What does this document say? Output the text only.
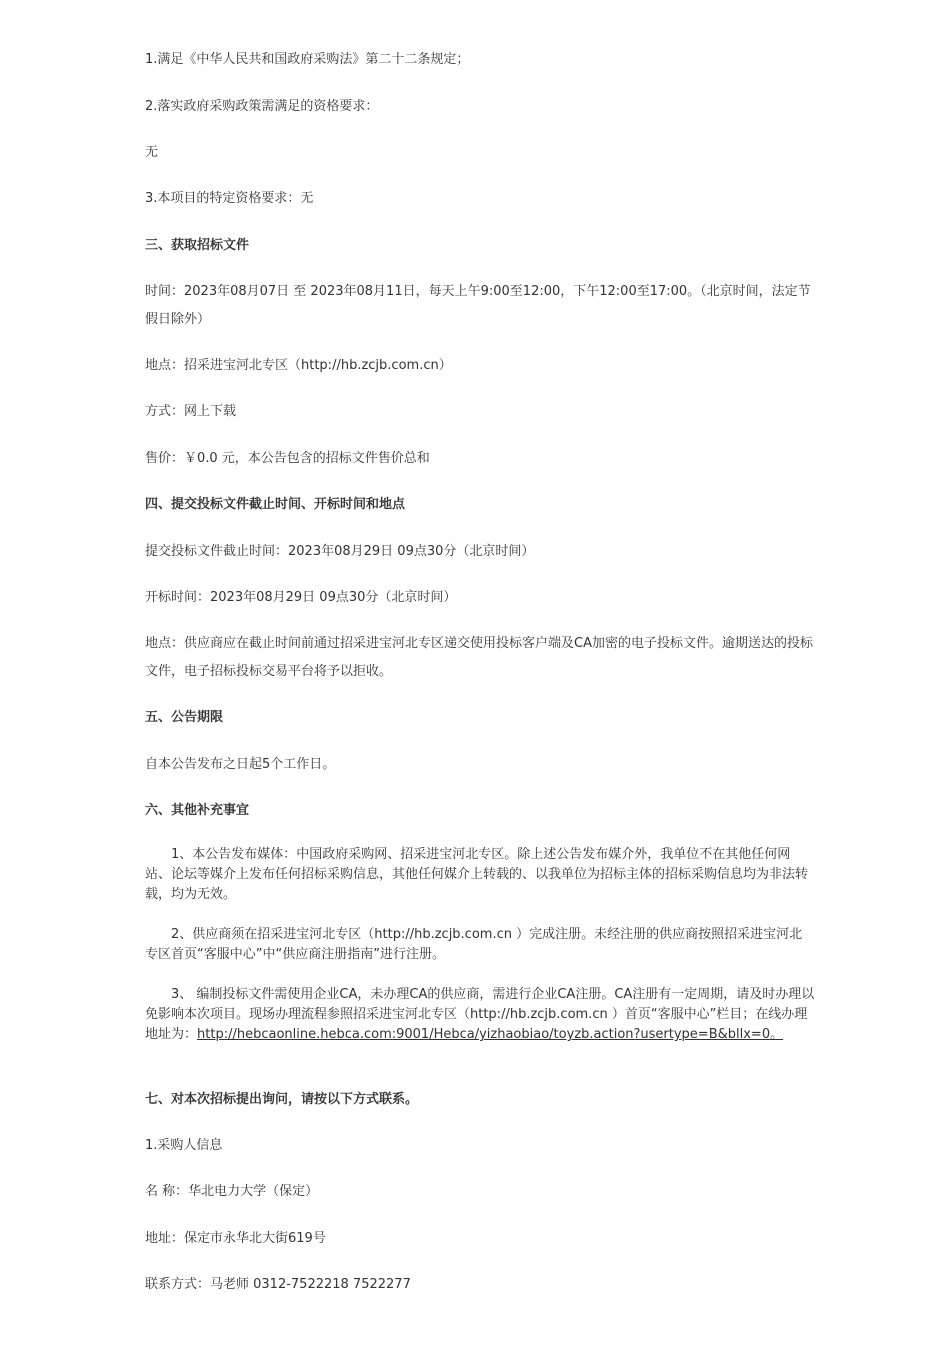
1.满足《中华人民共和国政府采购法》第二十二条规定；
2.落实政府采购政策需满足的资格要求：
无
3.本项目的特定资格要求：无
三、获取招标文件
时间：2023年08月07日 至 2023年08月11日，每天上午9:00至12:00，下午12:00至17:00。（北京时间，法定节假日除外）
地点：招采进宝河北专区（http://hb.zcjb.com.cn）
方式：网上下载
售价：￥0.0 元，本公告包含的招标文件售价总和
四、提交投标文件截止时间、开标时间和地点
提交投标文件截止时间：2023年08月29日 09点30分（北京时间）
开标时间：2023年08月29日 09点30分（北京时间）
地点：供应商应在截止时间前通过招采进宝河北专区递交使用投标客户端及CA加密的电子投标文件。逾期送达的投标文件，电子招标投标交易平台将予以拒收。
五、公告期限
自本公告发布之日起5个工作日。
六、其他补充事宜
1、本公告发布媒体：中国政府采购网、招采进宝河北专区。除上述公告发布媒介外，我单位不在其他任何网站、论坛等媒介上发布任何招标采购信息，其他任何媒介上转载的、以我单位为招标主体的招标采购信息均为非法转载，均为无效。
2、供应商须在招采进宝河北专区（http://hb.zcjb.com.cn ）完成注册。未经注册的供应商按照招采进宝河北专区首页“客服中心”中“供应商注册指南”进行注册。
3、 编制投标文件需使用企业CA，未办理CA的供应商，需进行企业CA注册。CA注册有一定周期，请及时办理以免影响本次项目。现场办理流程参照招采进宝河北专区（http://hb.zcjb.com.cn ）首页“客服中心”栏目；在线办理地址为：http://hebcaonline.hebca.com:9001/Hebca/yizhaobiao/toyzb.action?usertype=B&bllx=0。
七、对本次招标提出询问，请按以下方式联系。
1.采购人信息
名 称：华北电力大学（保定）
地址：保定市永华北大街619号
联系方式：马老师 0312-7522218 7522277
